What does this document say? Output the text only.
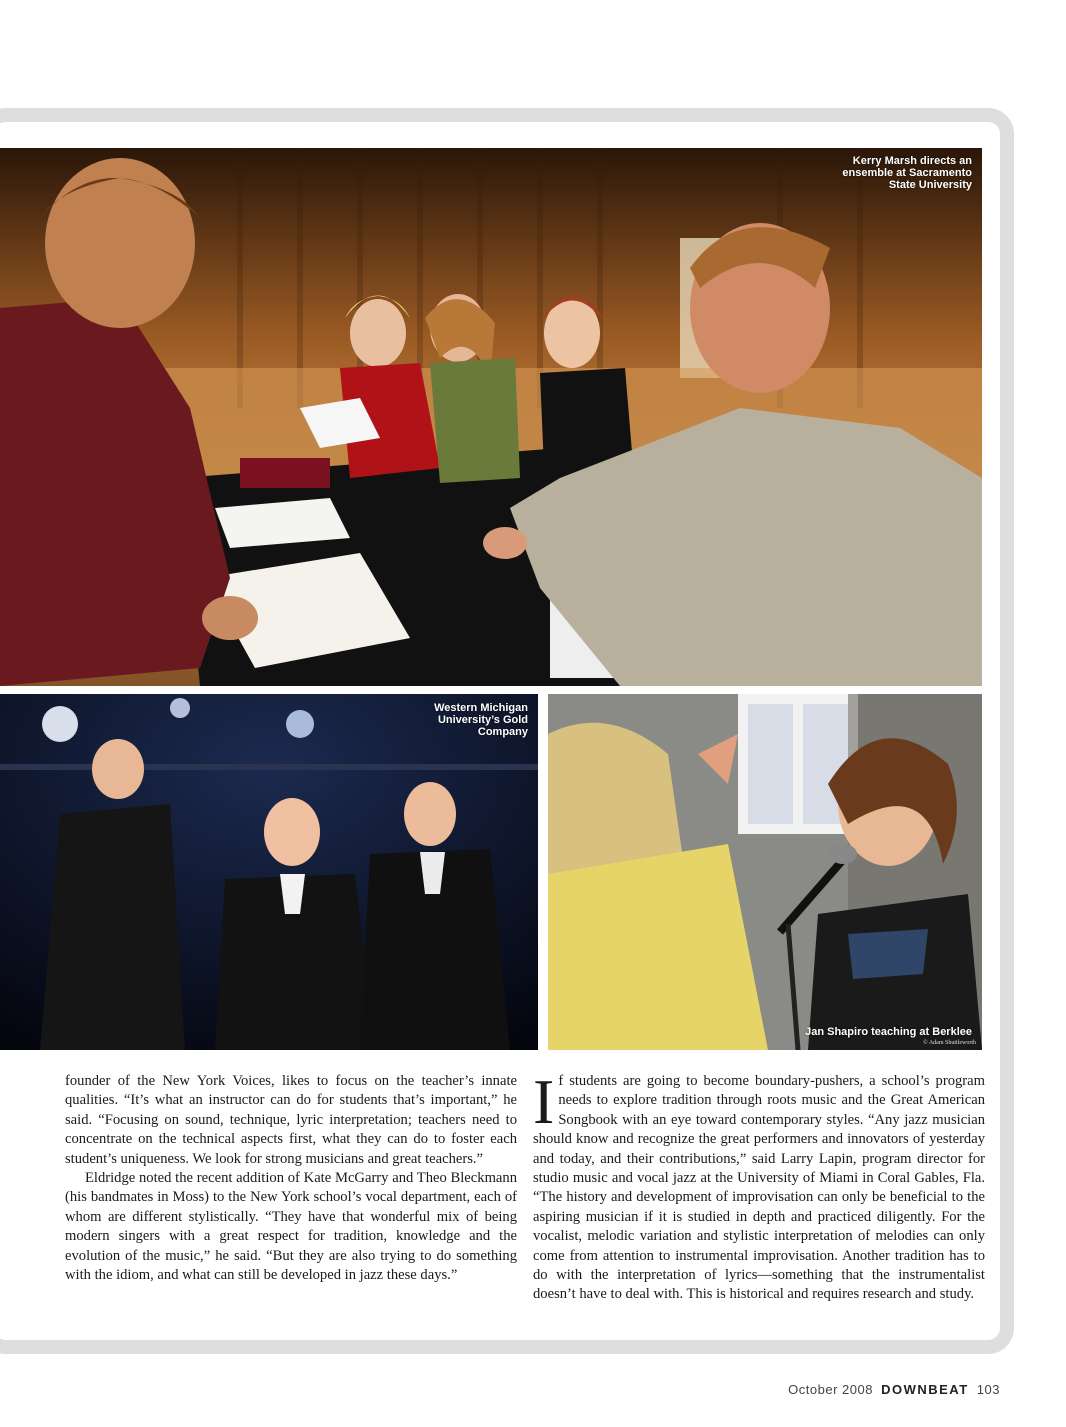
Kerry Marsh directs an ensemble at Sacramento State University
Western Michigan University’s Gold Company
Jan Shapiro teaching at Berklee
© Adam Shuttleworth

founder of the New York Voices, likes to focus on the teacher’s innate qualities. “It’s what an instructor can do for students that’s important,” he said. “Focusing on sound, technique, lyric interpretation; teachers need to concentrate on the technical aspects first, what they can do to foster each student’s uniqueness. We look for strong musicians and great teachers.”

Eldridge noted the recent addition of Kate McGarry and Theo Bleckmann (his bandmates in Moss) to the New York school’s vocal department, each of whom are different stylistically. “They have that wonderful mix of being modern singers with a great respect for tradition, knowledge and the evolution of the music,” he said. “But they are also trying to do something with the idiom, and what can still be developed in jazz these days.”

If students are going to become boundary-pushers, a school’s program needs to explore tradition through roots music and the Great American Songbook with an eye toward contemporary styles. “Any jazz musician should know and recognize the great performers and innovators of yesterday and today, and their contributions,” said Larry Lapin, program director for studio music and vocal jazz at the University of Miami in Coral Gables, Fla. “The history and development of improvisation can only be beneficial to the aspiring musician if it is studied in depth and practiced diligently. For the vocalist, melodic variation and stylistic interpretation of melodies can only come from attention to instrumental improvisation. Another tradition has to do with the interpretation of lyrics—something that the instrumentalist doesn’t have to deal with. This is historical and requires research and study.

October 2008 DOWNBEAT 103
